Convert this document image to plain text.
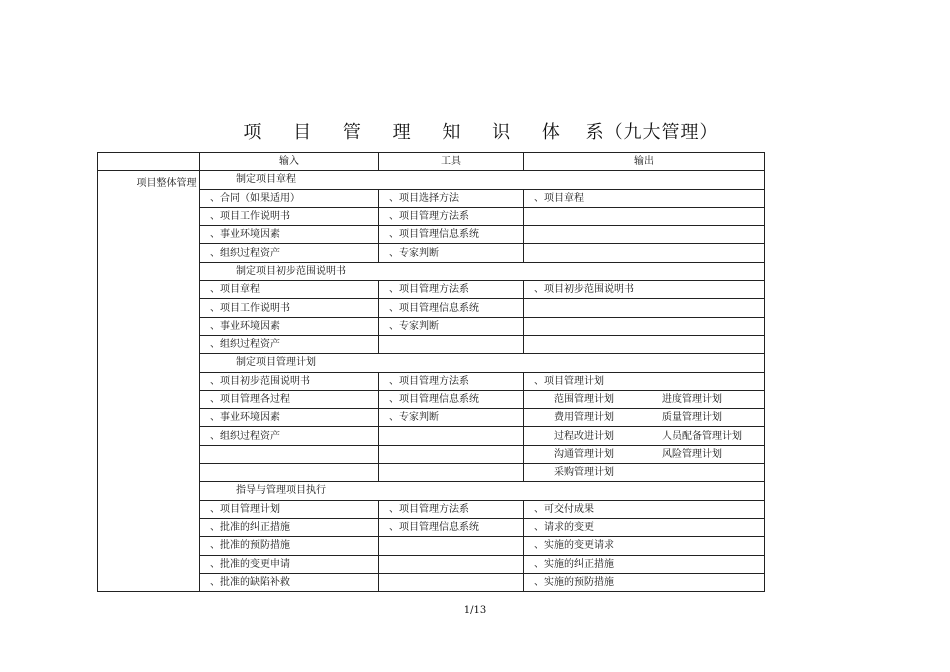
项 目 管 理 知 识 体 系（九大管理）
	输入	工具	输出
项目整体管理	制定项目章程		
	、合同（如果适用）	、项目选择方法	、项目章程
	、项目工作说明书	、项目管理方法系	
	、事业环境因素	、项目管理信息系统	
	、组织过程资产	、专家判断	
	制定项目初步范围说明书		
	、项目章程	、项目管理方法系	、项目初步范围说明书
	、项目工作说明书	、项目管理信息系统	
	、事业环境因素	、专家判断	
	、组织过程资产		
	制定项目管理计划		
	、项目初步范围说明书	、项目管理方法系	、项目管理计划
	、项目管理各过程	、项目管理信息系统	范围管理计划 进度管理计划
	、事业环境因素	、专家判断	费用管理计划 质量管理计划
	、组织过程资产		过程改进计划 人员配备管理计划
			沟通管理计划 风险管理计划
			采购管理计划
	指导与管理项目执行		
	、项目管理计划	、项目管理方法系	、可交付成果
	、批准的纠正措施	、项目管理信息系统	、请求的变更
	、批准的预防措施		、实施的变更请求
	、批准的变更申请		、实施的纠正措施
	、批准的缺陷补救		、实施的预防措施
1/13
